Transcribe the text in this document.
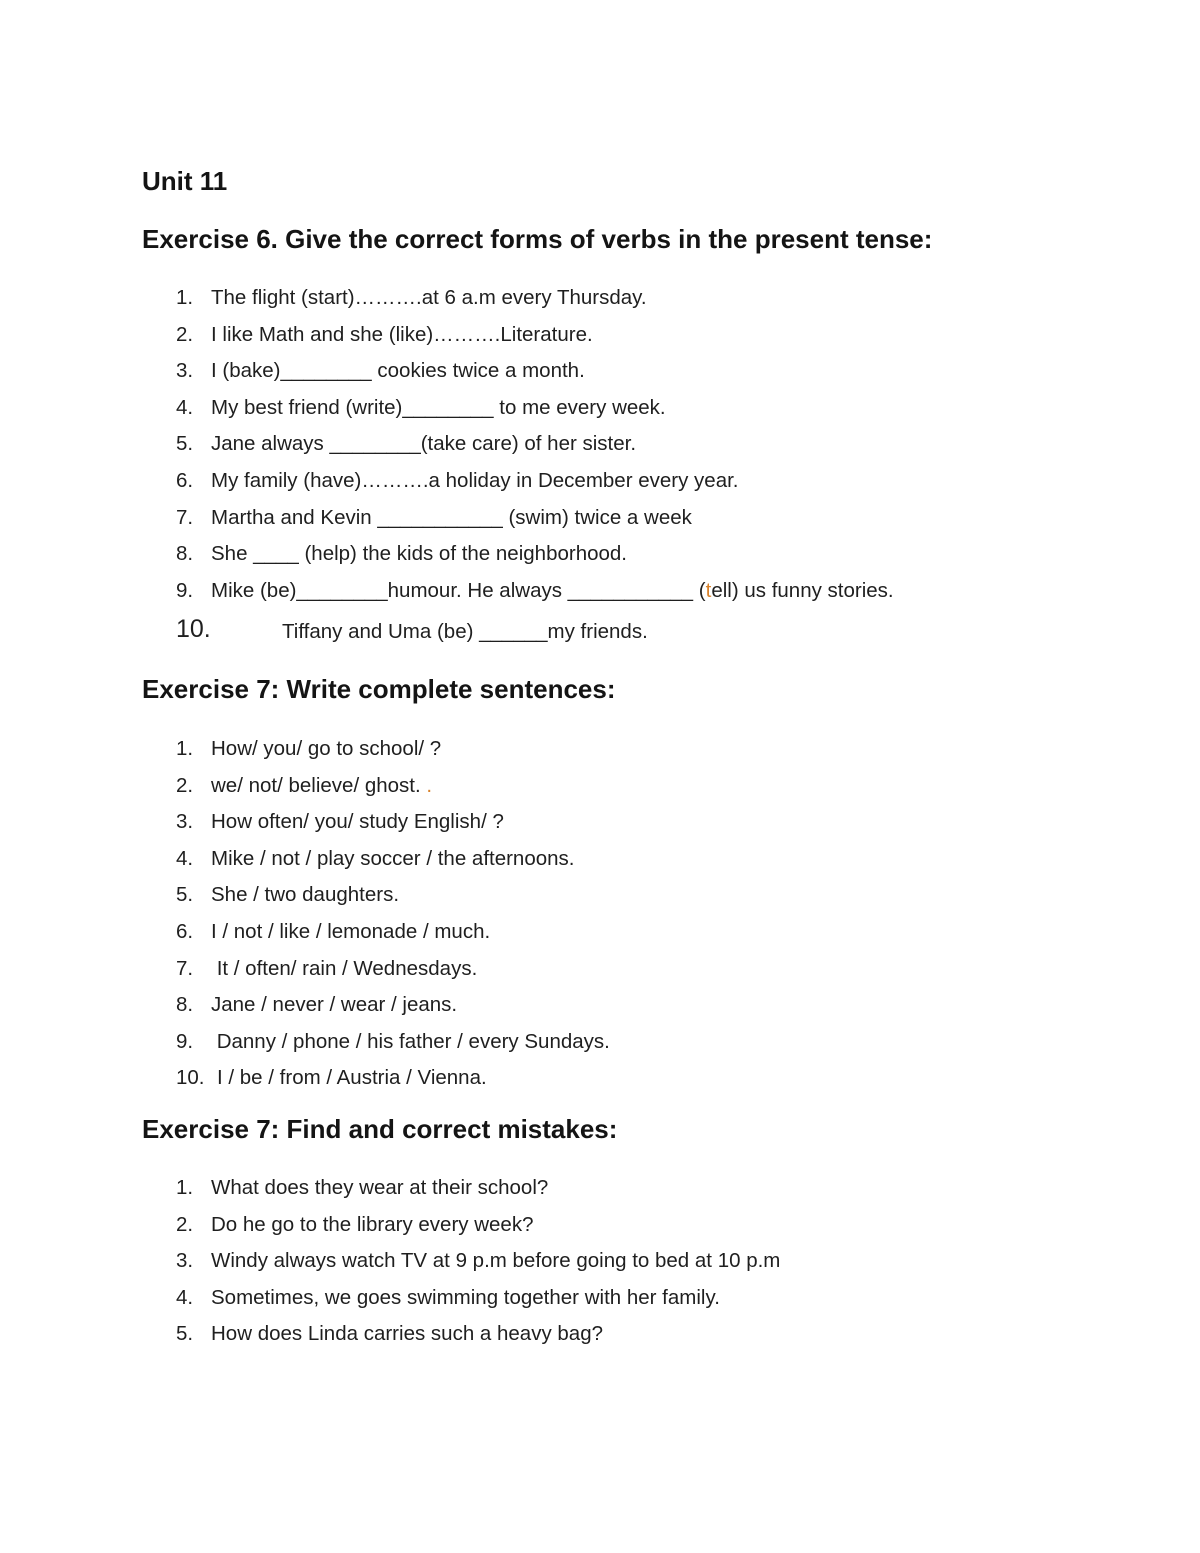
Unit 11
Exercise 6. Give the correct forms of verbs in the present tense:
1. The flight (start)……….at 6 a.m every Thursday.
2. I like Math and she (like)……….Literature.
3. I (bake)________ cookies twice a month.
4. My best friend (write)________ to me every week.
5. Jane always ________(take care) of her sister.
6. My family (have)……….a holiday in December every year.
7. Martha and Kevin ___________ (swim) twice a week
8. She ____ (help) the kids of the neighborhood.
9. Mike (be)________humour. He always ___________ (tell) us funny stories.
10.	Tiffany and Uma (be) ______my friends.
Exercise 7: Write complete sentences:
1. How/ you/ go to school/ ?
2. we/ not/ believe/ ghost. .
3. How often/ you/ study English/ ?
4. Mike / not / play soccer / the afternoons.
5. She / two daughters.
6. I / not / like / lemonade / much.
7. It / often/ rain / Wednesdays.
8. Jane / never / wear / jeans.
9. Danny / phone / his father / every Sundays.
10. I / be / from / Austria / Vienna.
Exercise 7: Find and correct mistakes:
1. What does they wear at their school?
2. Do he go to the library every week?
3. Windy always watch TV at 9 p.m before going to bed at 10 p.m
4. Sometimes, we goes swimming together with her family.
5. How does Linda carries such a heavy bag?
